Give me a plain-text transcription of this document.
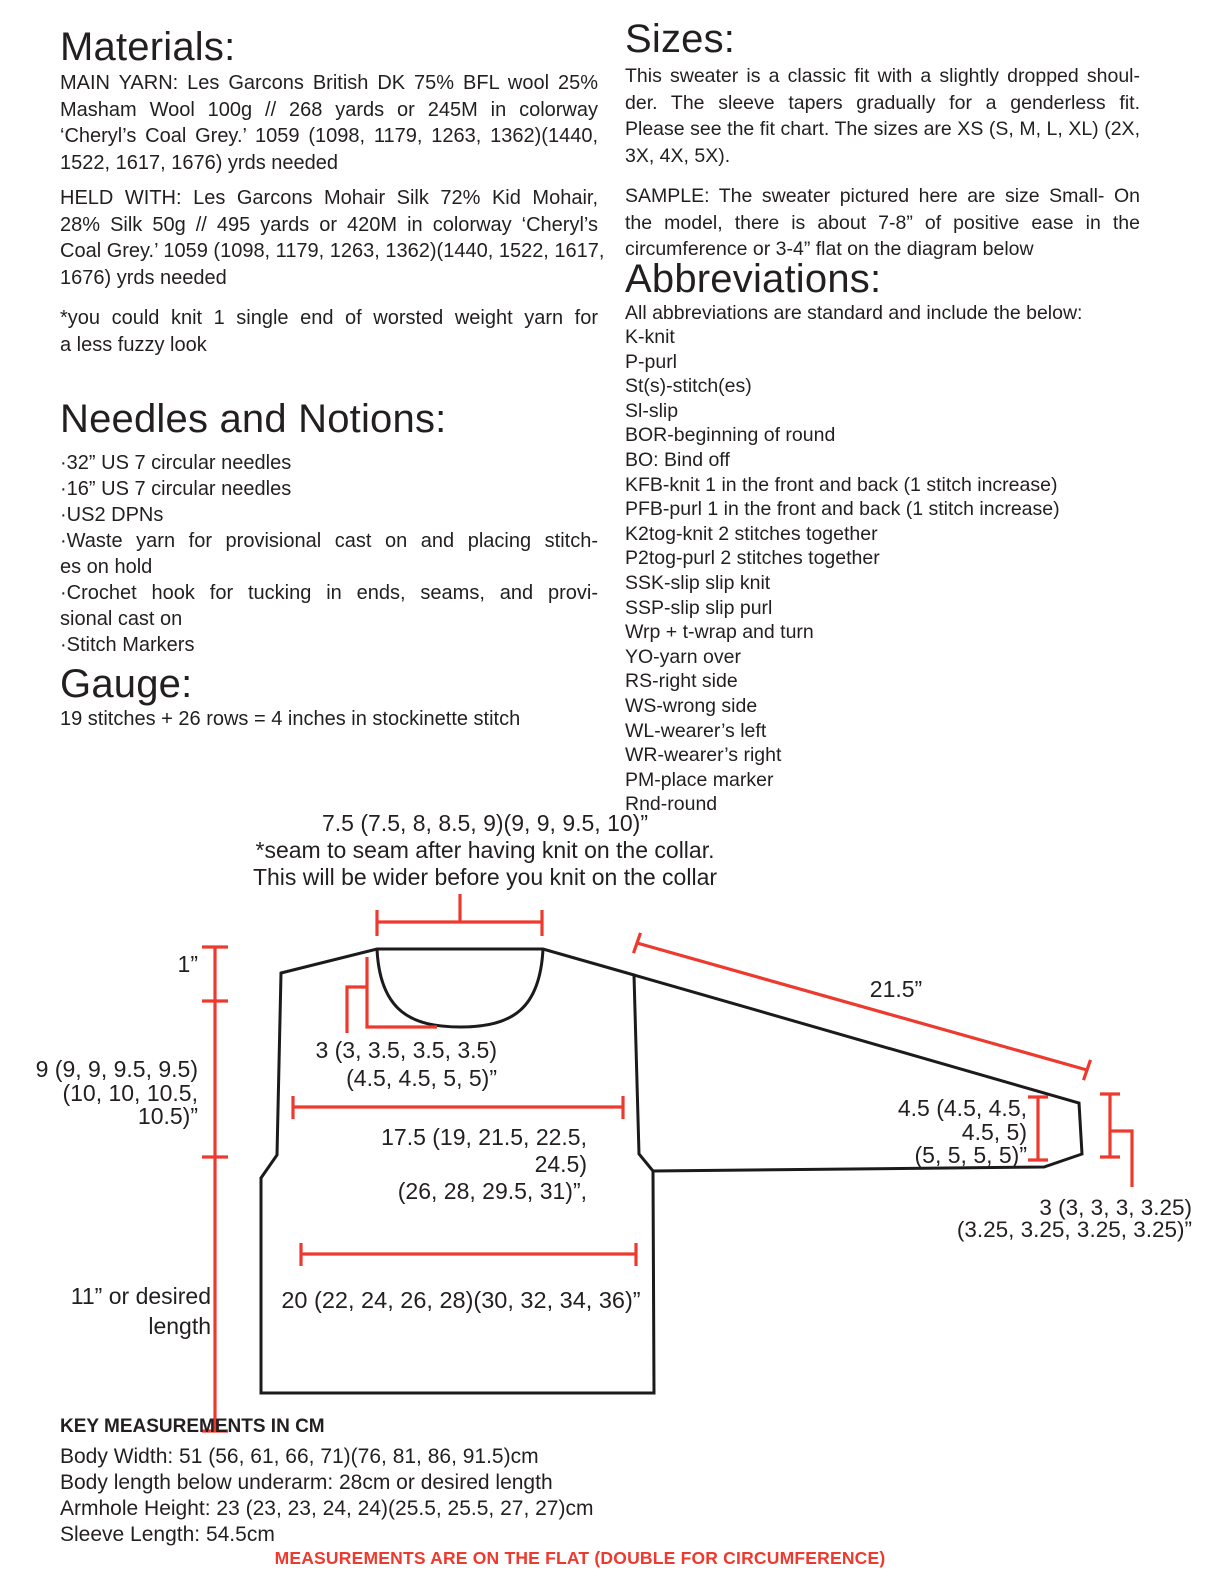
Materials:
MAIN YARN: Les Garcons British DK 75% BFL wool 25%
Masham Wool 100g // 268 yards or 245M in colorway
‘Cheryl’s Coal Grey.’ 1059 (1098, 1179, 1263, 1362)(1440,
1522, 1617, 1676) yrds needed
HELD WITH: Les Garcons Mohair Silk 72% Kid Mohair,
28% Silk 50g // 495 yards or 420M in colorway ‘Cheryl’s
Coal Grey.’ 1059 (1098, 1179, 1263, 1362)(1440, 1522, 1617,
1676) yrds needed
*you could knit 1 single end of worsted weight yarn for
a less fuzzy look
Needles and Notions:
·32” US 7 circular needles
·16” US 7 circular needles
·US2 DPNs
·Waste yarn for provisional cast on and placing stitch-
es on hold
·Crochet hook for tucking in ends, seams, and provi-
sional cast on
·Stitch Markers
Gauge:
19 stitches + 26 rows = 4 inches in stockinette stitch
Sizes:
This sweater is a classic fit with a slightly dropped shoul-
der. The sleeve tapers gradually for a genderless fit.
Please see the fit chart. The sizes are XS (S, M, L, XL) (2X,
3X, 4X, 5X).
SAMPLE: The sweater pictured here are size Small- On
the model, there is about 7-8” of positive ease in the
circumference or 3-4” flat on the diagram below
Abbreviations:
All abbreviations are standard and include the below:
K-knit
P-purl
St(s)-stitch(es)
Sl-slip
BOR-beginning of round
BO: Bind off
KFB-knit 1 in the front and back (1 stitch increase)
PFB-purl 1 in the front and back (1 stitch increase)
K2tog-knit 2 stitches together
P2tog-purl 2 stitches together
SSK-slip slip knit
SSP-slip slip purl
Wrp + t-wrap and turn
YO-yarn over
RS-right side
WS-wrong side
WL-wearer’s left
WR-wearer’s right
PM-place marker
Rnd-round
7.5 (7.5, 8, 8.5, 9)(9, 9, 9.5, 10)”
*seam to seam after having knit on the collar.
This will be wider before you knit on the collar
1”
9 (9, 9, 9.5, 9.5)
(10, 10, 10.5, 10.5)”
11” or desired
length
3 (3, 3.5, 3.5, 3.5)
(4.5, 4.5, 5, 5)”
17.5 (19, 21.5, 22.5, 24.5)
(26, 28, 29.5, 31)”,
20 (22, 24, 26, 28)(30, 32, 34, 36)”
21.5”
4.5 (4.5, 4.5, 4.5, 5)
(5, 5, 5, 5)”
3 (3, 3, 3, 3.25)
(3.25, 3.25, 3.25, 3.25)”
KEY MEASUREMENTS IN CM
Body Width: 51 (56, 61, 66, 71)(76, 81, 86, 91.5)cm
Body length below underarm: 28cm or desired length
Armhole Height: 23 (23, 23, 24, 24)(25.5, 25.5, 27, 27)cm
Sleeve Length: 54.5cm
MEASUREMENTS ARE ON THE FLAT (DOUBLE FOR CIRCUMFERENCE)
